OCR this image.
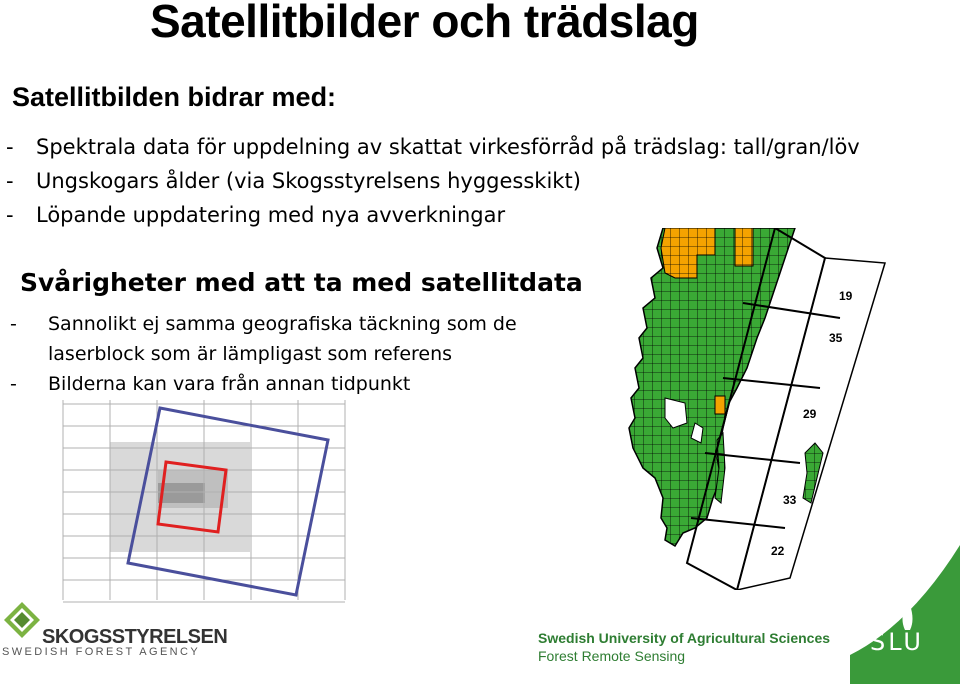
Satellitbilder och trädslag
Satellitbilden bidrar med:
-	Spektrala data för uppdelning av skattat virkesförråd på trädslag: tall/gran/löv
-	Ungskogars ålder (via Skogsstyrelsens hyggesskikt)
-	Löpande uppdatering med nya avverkningar
Svårigheter med att ta med satellitdata
-	Sannolikt ej samma geografiska täckning som de
laserblock som är lämpligast som referens
-	Bilderna kan vara från annan tidpunkt
19
35
29
33
22
SKOGSSTYRELSEN
SWEDISH FOREST AGENCY
Swedish University of Agricultural Sciences
Forest Remote Sensing	SLU
